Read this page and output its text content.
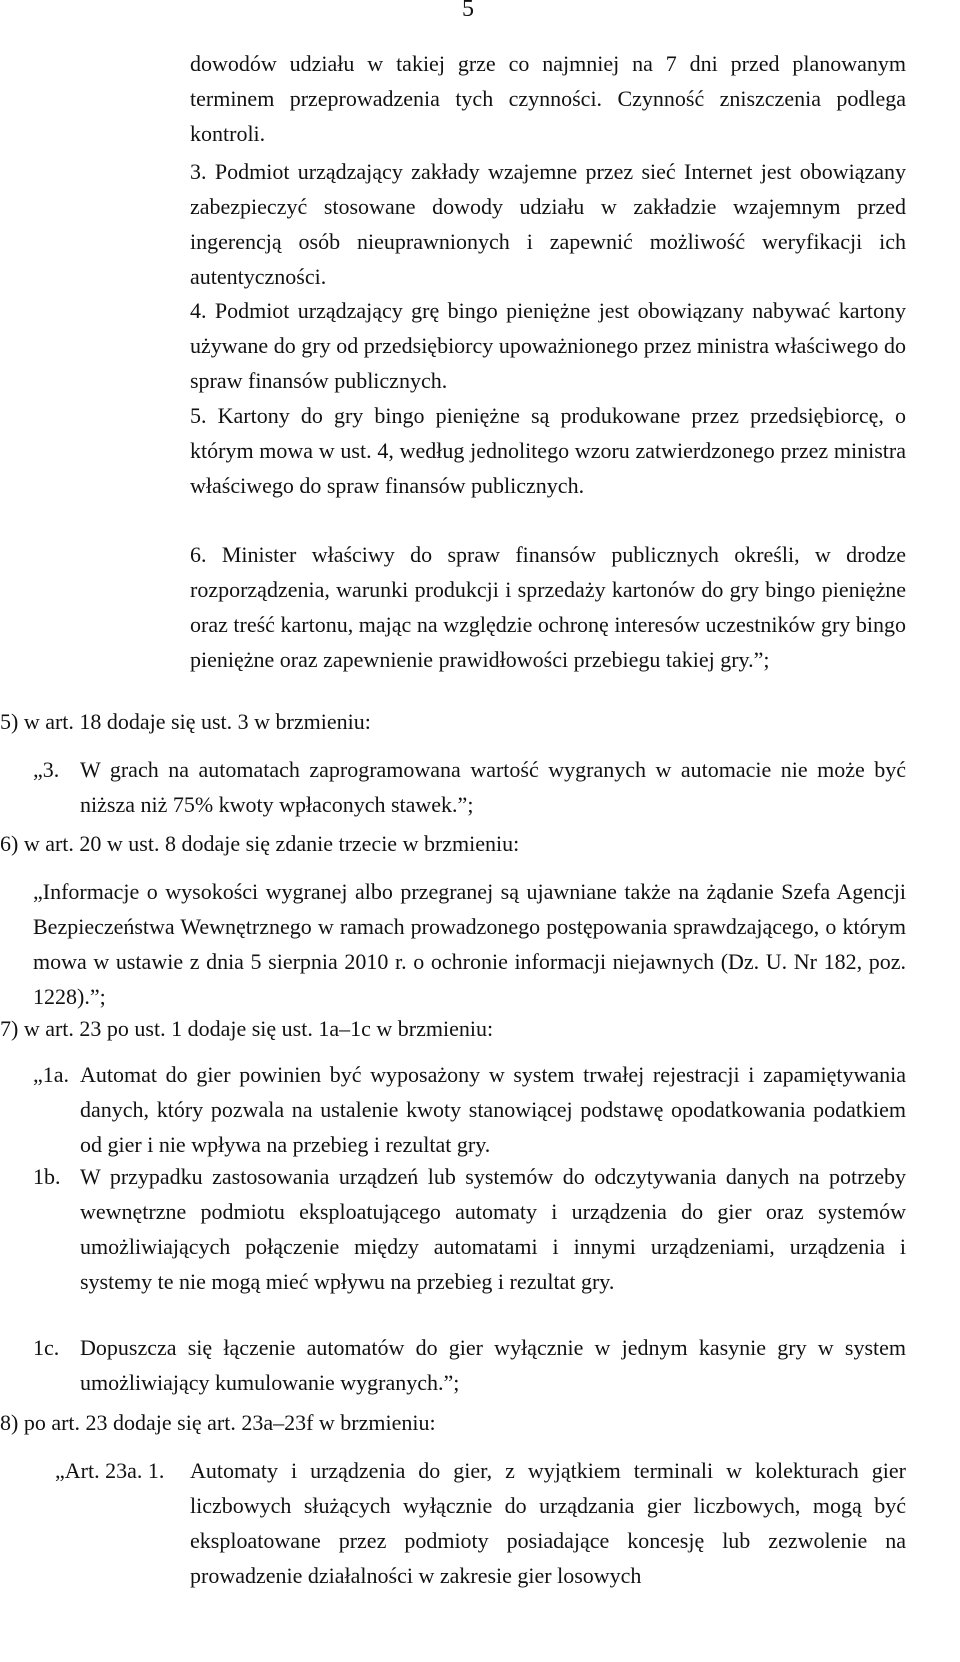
5
dowodów udziału w takiej grze co najmniej na 7 dni przed planowanym terminem przeprowadzenia tych czynności. Czynność zniszczenia podlega kontroli.
3. Podmiot urządzający zakłady wzajemne przez sieć Internet jest obowiązany zabezpieczyć stosowane dowody udziału w zakładzie wzajemnym przed ingerencją osób nieuprawnionych i zapewnić możliwość weryfikacji ich autentyczności.
4. Podmiot urządzający grę bingo pieniężne jest obowiązany nabywać kartony używane do gry od przedsiębiorcy upoważnionego przez ministra właściwego do spraw finansów publicznych.
5. Kartony do gry bingo pieniężne są produkowane przez przedsiębiorcę, o którym mowa w ust. 4, według jednolitego wzoru zatwierdzonego przez ministra właściwego do spraw finansów publicznych.
6. Minister właściwy do spraw finansów publicznych określi, w drodze rozporządzenia, warunki produkcji i sprzedaży kartonów do gry bingo pieniężne oraz treść kartonu, mając na względzie ochronę interesów uczestników gry bingo pieniężne oraz zapewnienie prawidłowości przebiegu takiej gry.”;
5) w art. 18 dodaje się ust. 3 w brzmieniu:
„3. W grach na automatach zaprogramowana wartość wygranych w automacie nie może być niższa niż 75% kwoty wpłaconych stawek.”;
6) w art. 20 w ust. 8 dodaje się zdanie trzecie w brzmieniu:
„Informacje o wysokości wygranej albo przegranej są ujawniane także na żądanie Szefa Agencji Bezpieczeństwa Wewnętrznego w ramach prowadzonego postępowania sprawdzającego, o którym mowa w ustawie z dnia 5 sierpnia 2010 r. o ochronie informacji niejawnych (Dz. U. Nr 182, poz. 1228).”;
7) w art. 23 po ust. 1 dodaje się ust. 1a–1c w brzmieniu:
„1a. Automat do gier powinien być wyposażony w system trwałej rejestracji i zapamiętywania danych, który pozwala na ustalenie kwoty stanowiącej podstawę opodatkowania podatkiem od gier i nie wpływa na przebieg i rezultat gry.
1b. W przypadku zastosowania urządzeń lub systemów do odczytywania danych na potrzeby wewnętrzne podmiotu eksploatującego automaty i urządzenia do gier oraz systemów umożliwiających połączenie między automatami i innymi urządzeniami, urządzenia i systemy te nie mogą mieć wpływu na przebieg i rezultat gry.
1c. Dopuszcza się łączenie automatów do gier wyłącznie w jednym kasynie gry w system umożliwiający kumulowanie wygranych.”;
8) po art. 23 dodaje się art. 23a–23f w brzmieniu:
„Art. 23a. 1. Automaty i urządzenia do gier, z wyjątkiem terminali w kolekturach gier liczbowych służących wyłącznie do urządzania gier liczbowych, mogą być eksploatowane przez podmioty posiadające koncesję lub zezwolenie na prowadzenie działalności w zakresie gier losowych
